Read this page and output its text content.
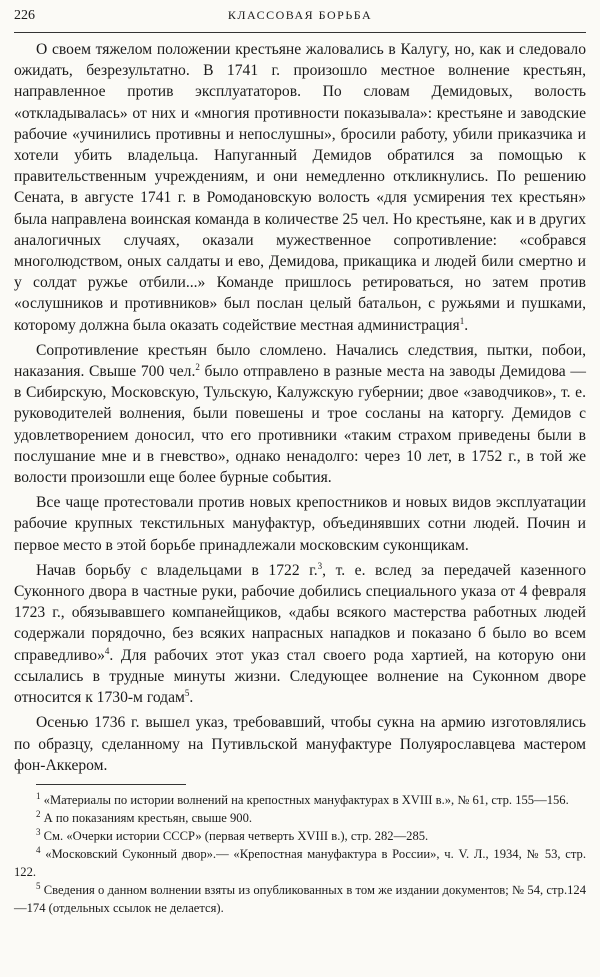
226	КЛАССОВАЯ БОРЬБА

О своем тяжелом положении крестьяне жаловались в Калугу, но, как и следовало ожидать, безрезультатно. В 1741 г. произошло местное волнение крестьян, направленное против эксплуататоров. По словам Демидовых, волость «откладывалась» от них и «многия противности показывала»: крестьяне и заводские рабочие «учинились противны и непослушны», бросили работу, убили приказчика и хотели убить владельца. Напуганный Демидов обратился за помощью к правительственным учреждениям, и они немедленно откликнулись. По решению Сената, в августе 1741 г. в Ромодановскую волость «для усмирения тех крестьян» была направлена воинская команда в количестве 25 чел. Но крестьяне, как и в других аналогичных случаях, оказали мужественное сопротивление: «собрався многолюдством, оных салдаты и ево, Демидова, прикащика и людей били смертно и у солдат ружье отбили...» Команде пришлось ретироваться, но затем против «ослушников и противников» был послан целый батальон, с ружьями и пушками, которому должна была оказать содействие местная администрация$^1$.

Сопротивление крестьян было сломлено. Начались следствия, пытки, побои, наказания. Свыше 700 чел.$^2$ было отправлено в разные места на заводы Демидова — в Сибирскую, Московскую, Тульскую, Калужскую губернии; двое «заводчиков», т. е. руководителей волнения, были повешены и трое сосланы на каторгу. Демидов с удовлетворением доносил, что его противники «таким страхом приведены были в послушание мне и в гневство», однако ненадолго: через 10 лет, в 1752 г., в той же волости произошли еще более бурные события.

Все чаще протестовали против новых крепостников и новых видов эксплуатации рабочие крупных текстильных мануфактур, объединявших сотни людей. Почин и первое место в этой борьбе принадлежали московским суконщикам.

Начав борьбу с владельцами в 1722 г.$^3$, т. е. вслед за передачей казенного Суконного двора в частные руки, рабочие добились специального указа от 4 февраля 1723 г., обязывавшего компанейщиков, «дабы всякого мастерства работных людей содержали порядочно, без всяких напрасных нападков и показано б было во всем справедливо»$^4$. Для рабочих этот указ стал своего рода хартией, на которую они ссылались в трудные минуты жизни. Следующее волнение на Суконном дворе относится к 1730-м годам$^5$.

Осенью 1736 г. вышел указ, требовавший, чтобы сукна на армию изготовлялись по образцу, сделанному на Путивльской мануфактуре Полуярославцева мастером фон-Аккером.

$^1$ «Материалы по истории волнений на крепостных мануфактурах в XVIII в.», № 61, стр. 155—156.

$^2$ А по показаниям крестьян, свыше 900.

$^3$ См. «Очерки истории СССР» (первая четверть XVIII в.), стр. 282—285.

$^4$ «Московский Суконный двор».— «Крепостная мануфактура в России», ч. V. Л., 1934, № 53, стр. 122.

$^5$ Сведения о данном волнении взяты из опубликованных в том же издании документов; № 54, стр.124—174 (отдельных ссылок не делается).
